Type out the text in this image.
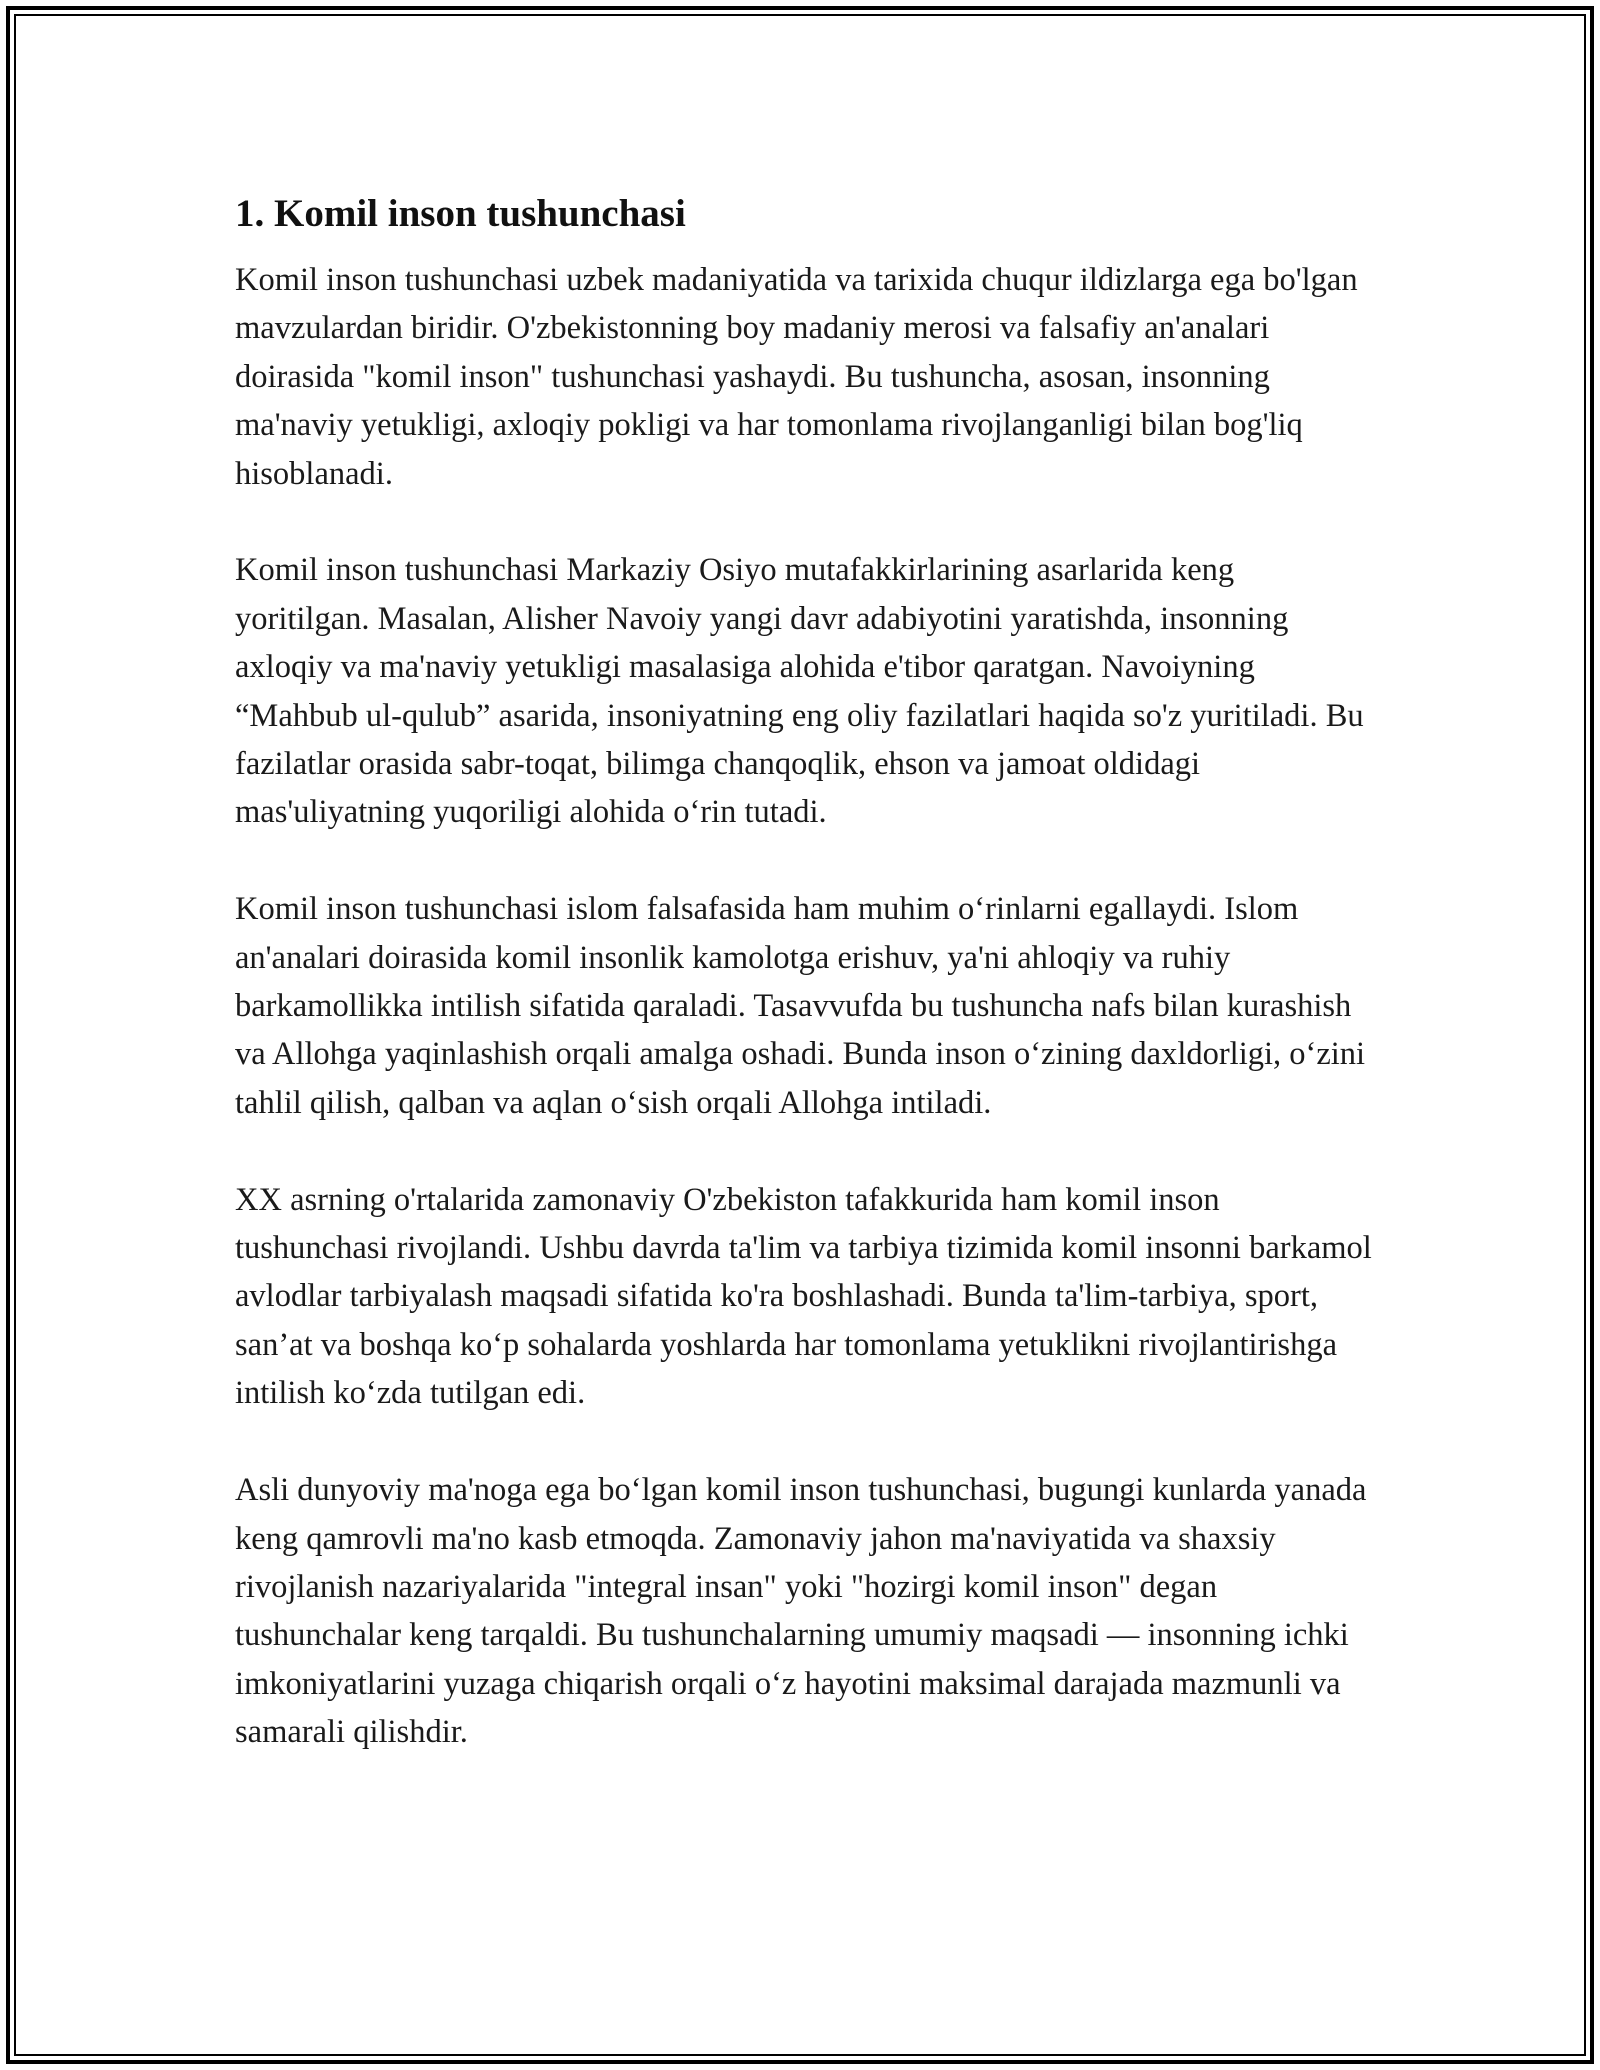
1. Komil inson tushunchasi

Komil inson tushunchasi uzbek madaniyatida va tarixida chuqur ildizlarga ega bo'lgan mavzulardan biridir. O'zbekistonning boy madaniy merosi va falsafiy an'analari doirasida "komil inson" tushunchasi yashaydi. Bu tushuncha, asosan, insonning ma'naviy yetukligi, axloqiy pokligi va har tomonlama rivojlanganligi bilan bog'liq hisoblanadi.

Komil inson tushunchasi Markaziy Osiyo mutafakkirlarining asarlarida keng yoritilgan. Masalan, Alisher Navoiy yangi davr adabiyotini yaratishda, insonning axloqiy va ma'naviy yetukligi masalasiga alohida e'tibor qaratgan. Navoiyning “Mahbub ul-qulub” asarida, insoniyatning eng oliy fazilatlari haqida so'z yuritiladi. Bu fazilatlar orasida sabr-toqat, bilimga chanqoqlik, ehson va jamoat oldidagi mas'uliyatning yuqoriligi alohida oʻrin tutadi.

Komil inson tushunchasi islom falsafasida ham muhim oʻrinlarni egallaydi. Islom an'analari doirasida komil insonlik kamolotga erishuv, ya'ni ahloqiy va ruhiy barkamollikka intilish sifatida qaraladi. Tasavvufda bu tushuncha nafs bilan kurashish va Allohga yaqinlashish orqali amalga oshadi. Bunda inson oʻzining daxldorligi, oʻzini tahlil qilish, qalban va aqlan oʻsish orqali Allohga intiladi.

XX asrning o'rtalarida zamonaviy O'zbekiston tafakkurida ham komil inson tushunchasi rivojlandi. Ushbu davrda ta'lim va tarbiya tizimida komil insonni barkamol avlodlar tarbiyalash maqsadi sifatida ko'ra boshlashadi. Bunda ta'lim-tarbiya, sport, san’at va boshqa koʻp sohalarda yoshlarda har tomonlama yetuklikni rivojlantirishga intilish koʻzda tutilgan edi.

Asli dunyoviy ma'noga ega boʻlgan komil inson tushunchasi, bugungi kunlarda yanada keng qamrovli ma'no kasb etmoqda. Zamonaviy jahon ma'naviyatida va shaxsiy rivojlanish nazariyalarida "integral insan" yoki "hozirgi komil inson" degan tushunchalar keng tarqaldi. Bu tushunchalarning umumiy maqsadi — insonning ichki imkoniyatlarini yuzaga chiqarish orqali oʻz hayotini maksimal darajada mazmunli va samarali qilishdir.
